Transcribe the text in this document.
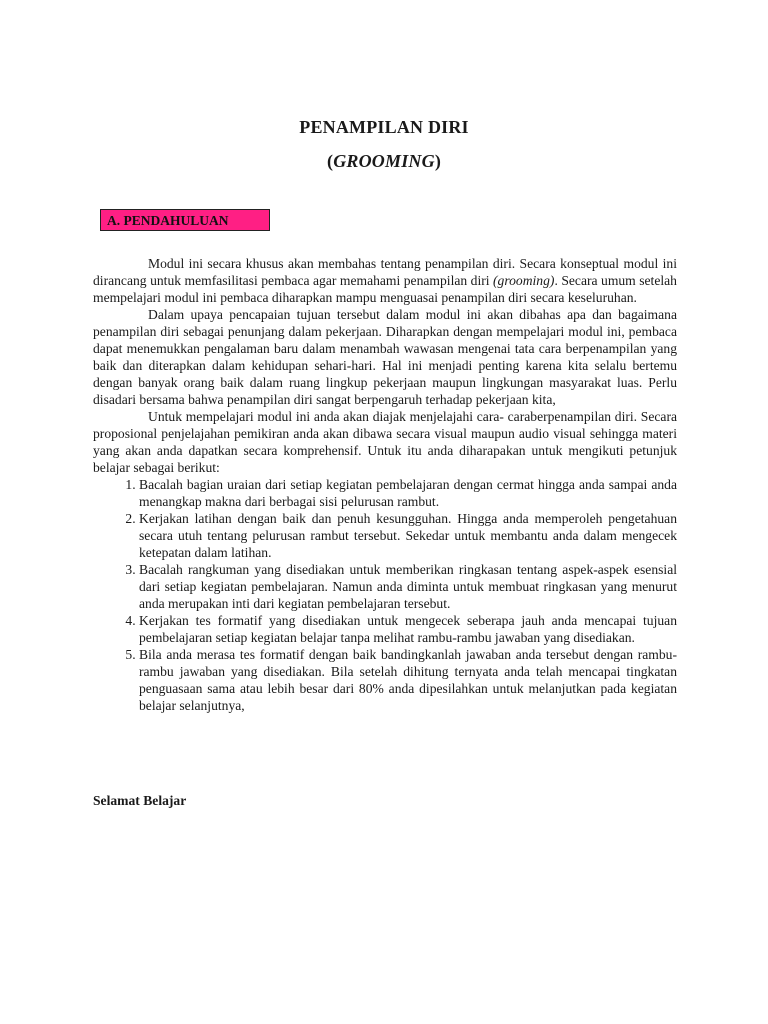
PENAMPILAN DIRI
(GROOMING)
A. PENDAHULUAN

Modul ini secara khusus akan membahas tentang penampilan diri. Secara konseptual modul ini dirancang untuk memfasilitasi pembaca agar memahami penampilan diri (grooming). Secara umum setelah mempelajari modul ini pembaca diharapkan mampu menguasai penampilan diri secara keseluruhan.

Dalam upaya pencapaian tujuan tersebut dalam modul ini akan dibahas apa dan bagaimana penampilan diri sebagai penunjang dalam pekerjaan. Diharapkan dengan mempelajari modul ini, pembaca dapat menemukkan pengalaman baru dalam menambah wawasan mengenai tata cara berpenampilan yang baik dan diterapkan dalam kehidupan sehari-hari. Hal ini menjadi penting karena kita selalu bertemu dengan banyak orang baik dalam ruang lingkup pekerjaan maupun lingkungan masyarakat luas. Perlu disadari bersama bahwa penampilan diri sangat berpengaruh terhadap pekerjaan kita,

Untuk mempelajari modul ini anda akan diajak menjelajahi cara- caraberpenampilan diri. Secara proposional penjelajahan pemikiran anda akan dibawa secara visual maupun audio visual sehingga materi yang akan anda dapatkan secara komprehensif. Untuk itu anda diharapakan untuk mengikuti petunjuk belajar sebagai berikut:

1. Bacalah bagian uraian dari setiap kegiatan pembelajaran dengan cermat hingga anda sampai anda menangkap makna dari berbagai sisi pelurusan rambut.
2. Kerjakan latihan dengan baik dan penuh kesungguhan. Hingga anda memperoleh pengetahuan secara utuh tentang pelurusan rambut tersebut. Sekedar untuk membantu anda dalam mengecek ketepatan dalam latihan.
3. Bacalah rangkuman yang disediakan untuk memberikan ringkasan tentang aspek-aspek esensial dari setiap kegiatan pembelajaran. Namun anda diminta untuk membuat ringkasan yang menurut anda merupakan inti dari kegiatan pembelajaran tersebut.
4. Kerjakan tes formatif yang disediakan untuk mengecek seberapa jauh anda mencapai tujuan pembelajaran setiap kegiatan belajar tanpa melihat rambu-rambu jawaban yang disediakan.
5. Bila anda merasa tes formatif dengan baik bandingkanlah jawaban anda tersebut dengan rambu-rambu jawaban yang disediakan. Bila setelah dihitung ternyata anda telah mencapai tingkatan penguasaan sama atau lebih besar dari 80% anda dipesilahkan untuk melanjutkan pada kegiatan belajar selanjutnya,
Selamat Belajar
